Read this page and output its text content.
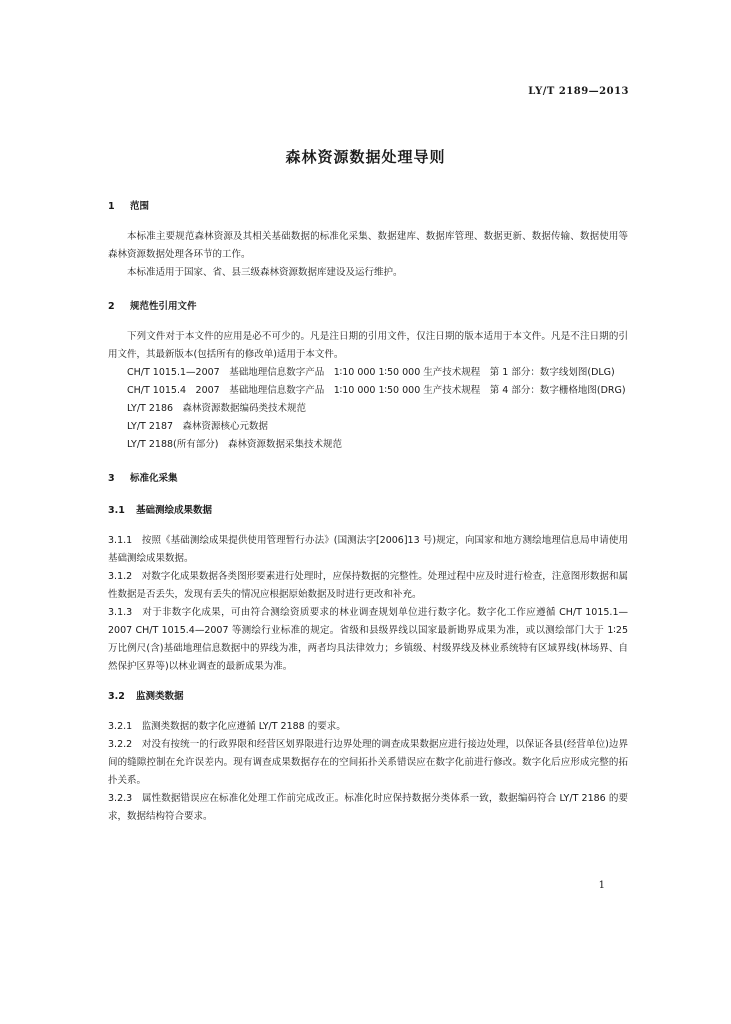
LY/T 2189—2013
森林资源数据处理导则

1 范围

本标准主要规范森林资源及其相关基础数据的标准化采集、数据建库、数据库管理、数据更新、数据传输、数据使用等森林资源数据处理各环节的工作。

本标准适用于国家、省、县三级森林资源数据库建设及运行维护。

2 规范性引用文件

下列文件对于本文件的应用是必不可少的。凡是注日期的引用文件，仅注日期的版本适用于本文件。凡是不注日期的引用文件，其最新版本(包括所有的修改单)适用于本文件。

CH/T 1015.1—2007　基础地理信息数字产品　1∶10 000 1∶50 000 生产技术规程　第 1 部分：数字线划图(DLG)

CH/T 1015.4　2007　基础地理信息数字产品　1∶10 000 1∶50 000 生产技术规程　第 4 部分：数字栅格地图(DRG)

LY/T 2186　森林资源数据编码类技术规范

LY/T 2187　森林资源核心元数据

LY/T 2188(所有部分)　森林资源数据采集技术规范

3 标准化采集

3.1 基础测绘成果数据

3.1.1　按照《基础测绘成果提供使用管理暂行办法》(国测法字[2006]13 号)规定，向国家和地方测绘地理信息局申请使用基础测绘成果数据。

3.1.2　对数字化成果数据各类图形要素进行处理时，应保持数据的完整性。处理过程中应及时进行检查，注意图形数据和属性数据是否丢失，发现有丢失的情况应根据原始数据及时进行更改和补充。

3.1.3　对于非数字化成果，可由符合测绘资质要求的林业调查规划单位进行数字化。数字化工作应遵循 CH/T 1015.1—2007 CH/T 1015.4—2007 等测绘行业标准的规定。省级和县级界线以国家最新勘界成果为准，或以测绘部门大于 1∶25 万比例尺(含)基础地理信息数据中的界线为准，两者均具法律效力；乡镇级、村级界线及林业系统特有区域界线(林场界、自然保护区界等)以林业调查的最新成果为准。

3.2 监测类数据

3.2.1　监测类数据的数字化应遵循 LY/T 2188 的要求。

3.2.2　对没有按统一的行政界限和经营区划界限进行边界处理的调查成果数据应进行接边处理，以保证各县(经营单位)边界间的缝隙控制在允许误差内。现有调查成果数据存在的空间拓扑关系错误应在数字化前进行修改。数字化后应形成完整的拓扑关系。

3.2.3　属性数据错误应在标准化处理工作前完成改正。标准化时应保持数据分类体系一致，数据编码符合 LY/T 2186 的要求，数据结构符合要求。

1
